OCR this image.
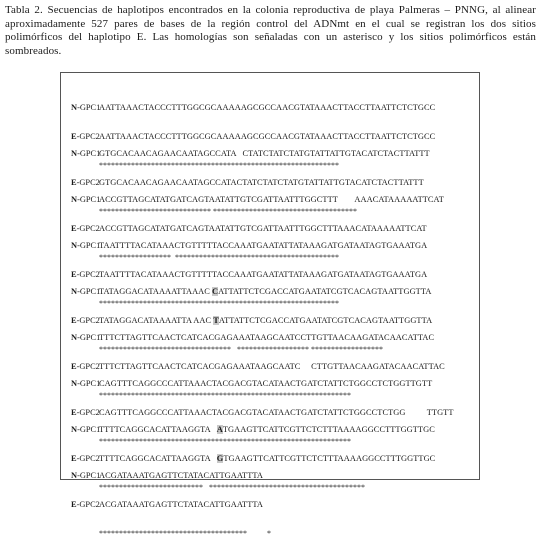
Tabla 2. Secuencias de haplotipos encontrados en la colonia reproductiva de playa Palmeras – PNNG, al alinear aproximadamente 527 pares de bases de la región control del ADNmt en el cual se registran los dos sitios polimórficos del haplotipo E. Las homologías son señaladas con un asterisco y los sitios polimórficos están sombreados.

N-GPC1AATTAAACTACCCTTTGGCGCAAAAAGCGCCAACGTATAAACTTACCTTAATTCTCTGCC

E-GPC2AATTAAACTACCCTTTGGCGCAAAAAGCGCCAACGTATAAACTTACCTTAATTCTCTGCC

************************************************************

N-GPC1GTGCACAACAGAACAATAGCCATA   CTATCTATCTATGTATTATTGTACATCTACTTATTT

E-GPC2GTGCACAACAGAACAATAGCCATACTATCTATCTATGTATTATTGTACATCTACTTATTT

**************************** ************************************

N-GPC1ACCGTTAGCATATGATCAGTAATATTGTCGATTAATTTGGCTTT        AAACATAAAAATTCAT

E-GPC2ACCGTTAGCATATGATCAGTAATATTGTCGATTAATTTGGCTTTAAACATAAAAATTCAT

******************  *****************************************

N-GPC1TAATTTTACATAAACTGTTTTTACCAAATGAATATTATAAAGATGATAATAGTGAAATGA

E-GPC2TAATTTTACATAAACTGTTTTTACCAAATGAATATTATAAAGATGATAATAGTGAAATGA

************************************************************

N-GPC1TATAGGACATAAAATTAAAC CATTATTCTCGACCATGAATATCGTCACAGTAATTGGTTA

E-GPC2TATAGGACATAAAATTA AAC TATTATTCTCGACCATGAATATCGTCACAGTAATTGGTTA

*********************************   ****************** ******************

N-GPC1TTTCTTAGTTCAACTCATCACGAGAAATAAGCAATCCTTGTTAACAAGATACAACATTAC

E-GPC2TTTCTTAGTTCAACTCATCACGAGAAATAAGCAATC     CTTGTTAACAAGATACAACATTAC

***************************************************************

N-GPC1CAGTTTCAGGCCCATTAAACTACGACGTACATAACTGATCTATTCTGGCCTCTGGTTGTT

E-GPC2CAGTTTCAGGCCCATTAAACTACGACGTACATAACTGATCTATTCTGGCCTCTGG          TTGTT

***************************************************************

N-GPC1TTTTCAGGCACATTAAGGTA   ATGAAGTTCATTCGTTCTCTTTAAAAGGCCTTTGGTTGC

E-GPC2TTTTCAGGCACATTAAGGTA   GTGAAGTTCATTCGTTCTCTTTAAAAGGCCTTTGGTTGC

**************************   ***************************************

N-GPC1ACGATAAATGAGTTCTATACATTGAATTTA

E-GPC2ACGATAAATGAGTTCTATACATTGAATTTA

*************************************          *
